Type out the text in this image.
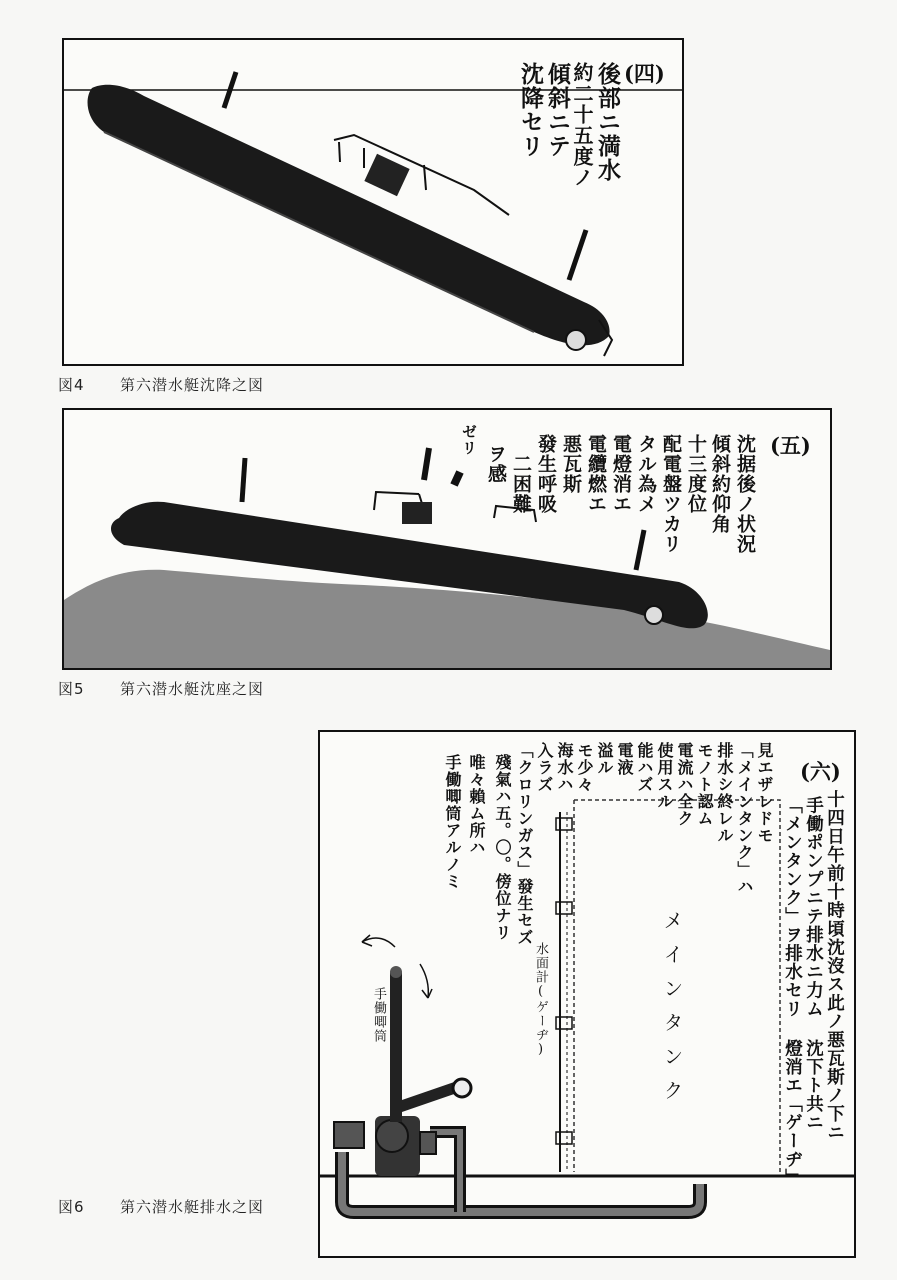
(四)
後部ニ満水
約二十五度ノ
傾斜ニテ
沈降セリ
図4 第六潜水艇沈降之図
(五)
沈据後ノ状況
傾斜約仰角
十三度位
配電盤ツカリ
タル為メ
電燈消エ
電纜燃エ
悪瓦斯
發生呼吸
二困難
ヲ感
ゼリ
図5 第六潜水艇沈座之図
(六)
十四日午前十時頃沈沒ス此ノ悪瓦斯ノ下ニ
手働ポンプニテ排水ニ力ム 沈下ト共ニ
「メンタンク」ヲ排水セリ 燈消エ「ゲーヂ」
見エザレドモ
「メインタンク」ハ
排水シ終レル
モノト認ム
電流ハ全ク
使用スル
能ハズ
電液
溢ル
モ少々
海水ハ
入ラズ
「クロリンガス」發生セズ
殘氣ハ五。〇。傍位ナリ
唯々賴ム所ハ
手働唧筒アルノミ
メインタンク
水面計(ゲーヂ)
手働唧筒
図6 第六潜水艇排水之図
